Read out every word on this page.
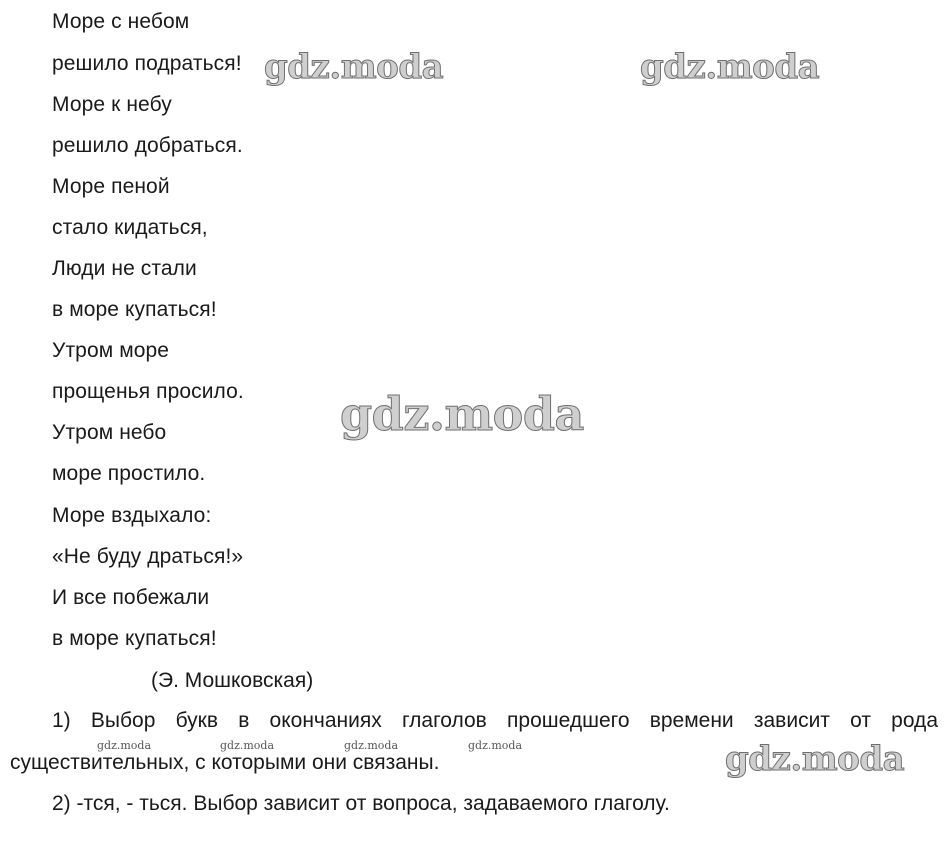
Море с небом
решило подраться!
Море к небу
решило добраться.
Море пеной
стало кидаться,
Люди не стали
в море купаться!
Утром море
прощенья просило.
Утром небо
море простило.
Море вздыхало:
«Не буду драться!»
И все побежали
в море купаться!
(Э. Мошковская)
1) Выбор букв в окончаниях глаголов прошедшего времени зависит от рода
существительных, с которыми они связаны.
2) -тся, - ться. Выбор зависит от вопроса, задаваемого глаголу.
gdz.moda	gdz.moda
gdz.moda
gdz.moda
gdz.moda	gdz.moda	gdz.moda	gdz.moda
